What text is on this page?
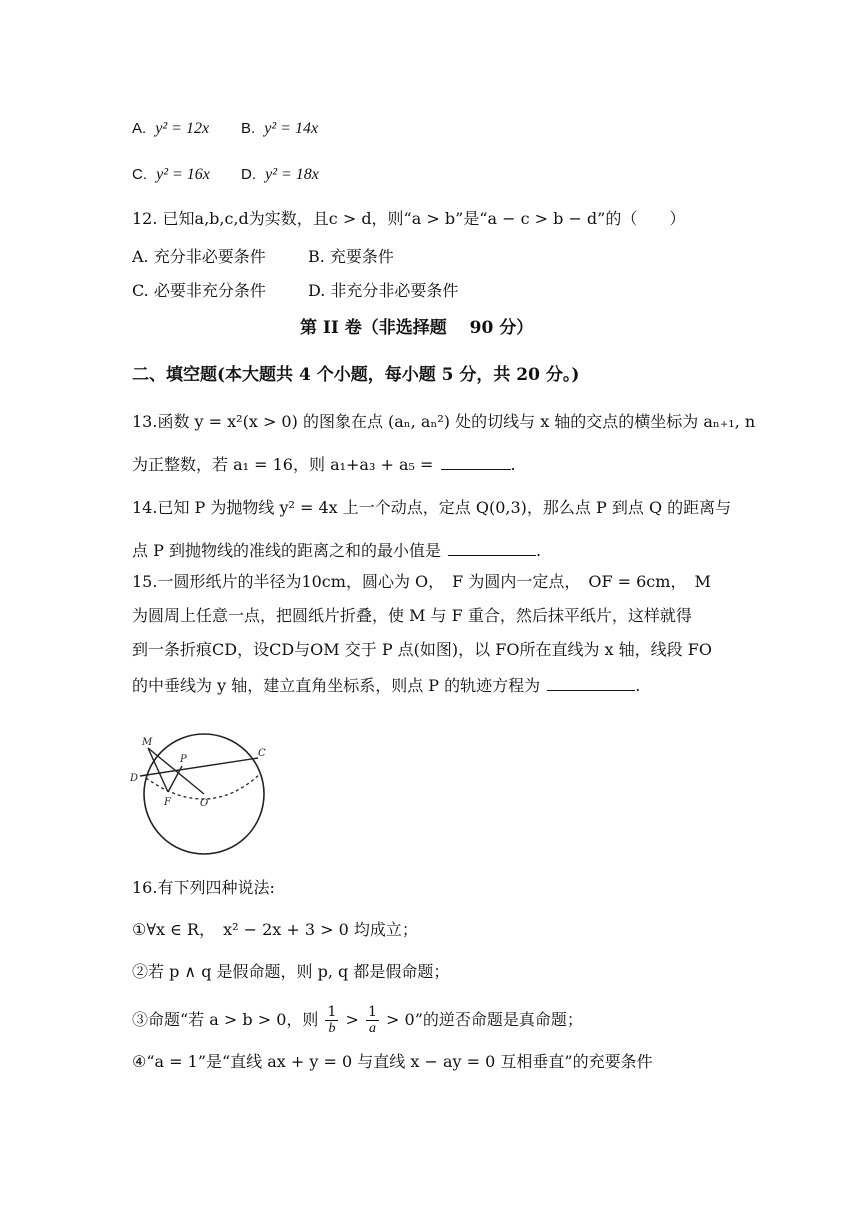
A. y² = 12x B. y² = 14x
C. y² = 16x D. y² = 18x
12. 已知a,b,c,d为实数，且c > d，则“a > b”是“a − c > b − d”的（　　）
A. 充分非必要条件	B. 充要条件
C. 必要非充分条件	D. 非充分非必要条件
第 II 卷（非选择题　 90 分）
二、填空题(本大题共 4 个小题，每小题 5 分，共 20 分。)
13.函数 y = x²(x > 0) 的图象在点 (aₙ, aₙ²) 处的切线与 x 轴的交点的横坐标为 aₙ₊₁, n
为正整数，若 a₁ = 16，则 a₁+a₃ + a₅ =	.
14.已知 P 为抛物线 y² = 4x 上一个动点，定点 Q(0,3)，那么点 P 到点 Q 的距离与
点 P 到抛物线的准线的距离之和的最小值是	.
15.一圆形纸片的半径为10cm，圆心为 O，　F 为圆内一定点，　OF = 6cm，　M
为圆周上任意一点，把圆纸片折叠，使 M 与 F 重合，然后抹平纸片，这样就得
到一条折痕CD，设CD与OM 交于 P 点(如图)，以 FO所在直线为 x 轴，线段 FO
的中垂线为 y 轴，建立直角坐标系，则点 P 的轨迹方程为	.
M
P
C
D
F	O
16.有下列四种说法:
①∀x ∈ R，　x² − 2x + 3 > 0 均成立；
②若 p ∧ q 是假命题，则 p, q 都是假命题；
③命题“若 a > b > 0，则 $\frac{1}{b} > \frac{1}{a} > 0$”的逆否命题是真命题；
④“a = 1”是“直线 ax + y = 0 与直线 x − ay = 0 互相垂直”的充要条件
